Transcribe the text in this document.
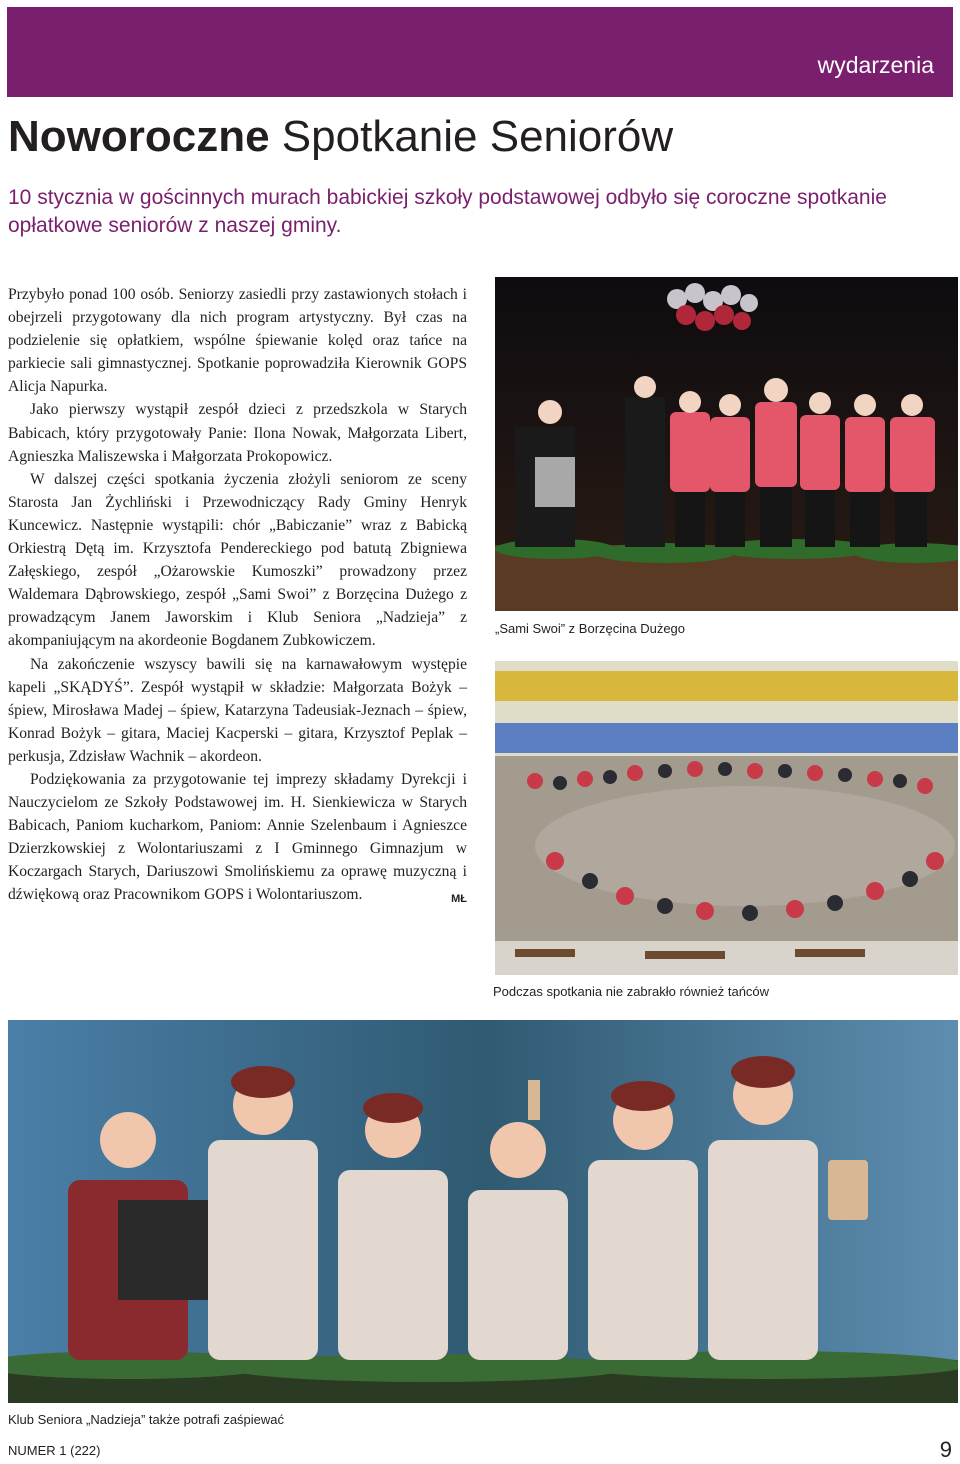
wydarzenia
Noworoczne Spotkanie Seniorów

10 stycznia w gościnnych murach babickiej szkoły podstawowej odbyło się coroczne spotkanie opłatkowe seniorów z naszej gminy.

Przybyło ponad 100 osób. Seniorzy zasiedli przy zastawionych stołach i obejrzeli przygotowany dla nich program artystyczny. Był czas na podzielenie się opłatkiem, wspólne śpiewanie kolęd oraz tańce na parkiecie sali gimnastycznej. Spotkanie poprowadziła Kierownik GOPS Alicja Napurka.

Jako pierwszy wystąpił zespół dzieci z przedszkola w Starych Babicach, który przygotowały Panie: Ilona Nowak, Małgorzata Libert, Agnieszka Maliszewska i Małgorzata Prokopowicz.

W dalszej części spotkania życzenia złożyli seniorom ze sceny Starosta Jan Żychliński i Przewodniczący Rady Gminy Henryk Kuncewicz. Następnie wystąpili: chór „Babiczanie” wraz z Babicką Orkiestrą Dętą im. Krzysztofa Pendereckiego pod batutą Zbigniewa Załęskiego, zespół „Ożarowskie Kumoszki” prowadzony przez Waldemara Dąbrowskiego, zespół „Sami Swoi” z Borzęcina Dużego z prowadzącym Janem Jaworskim i Klub Seniora „Nadzieja” z akompaniującym na akordeonie Bogdanem Zubkowiczem.

Na zakończenie wszyscy bawili się na karnawałowym występie kapeli „SKĄDYŚ”. Zespół wystąpił w składzie: Małgorzata Bożyk – śpiew, Mirosława Madej – śpiew, Katarzyna Tadeusiak-Jeznach – śpiew, Konrad Bożyk – gitara, Maciej Kacperski – gitara, Krzysztof Peplak – perkusja, Zdzisław Wachnik – akordeon.

Podziękowania za przygotowanie tej imprezy składamy Dyrekcji i Nauczycielom ze Szkoły Podstawowej im. H. Sienkiewicza w Starych Babicach, Paniom kucharkom, Paniom: Annie Szelenbaum i Agnieszce Dzierzkowskiej z Wolontariuszami z I Gminnego Gimnazjum w Koczargach Starych, Dariuszowi Smolińskiemu za oprawę muzyczną i dźwiękową oraz Pracownikom GOPS i Wolontariuszom.	MŁ

„Sami Swoi” z Borzęcina Dużego
Podczas spotkania nie zabrakło również tańców
Klub Seniora „Nadzieja” także potrafi zaśpiewać
NUMER 1 (222)	9
